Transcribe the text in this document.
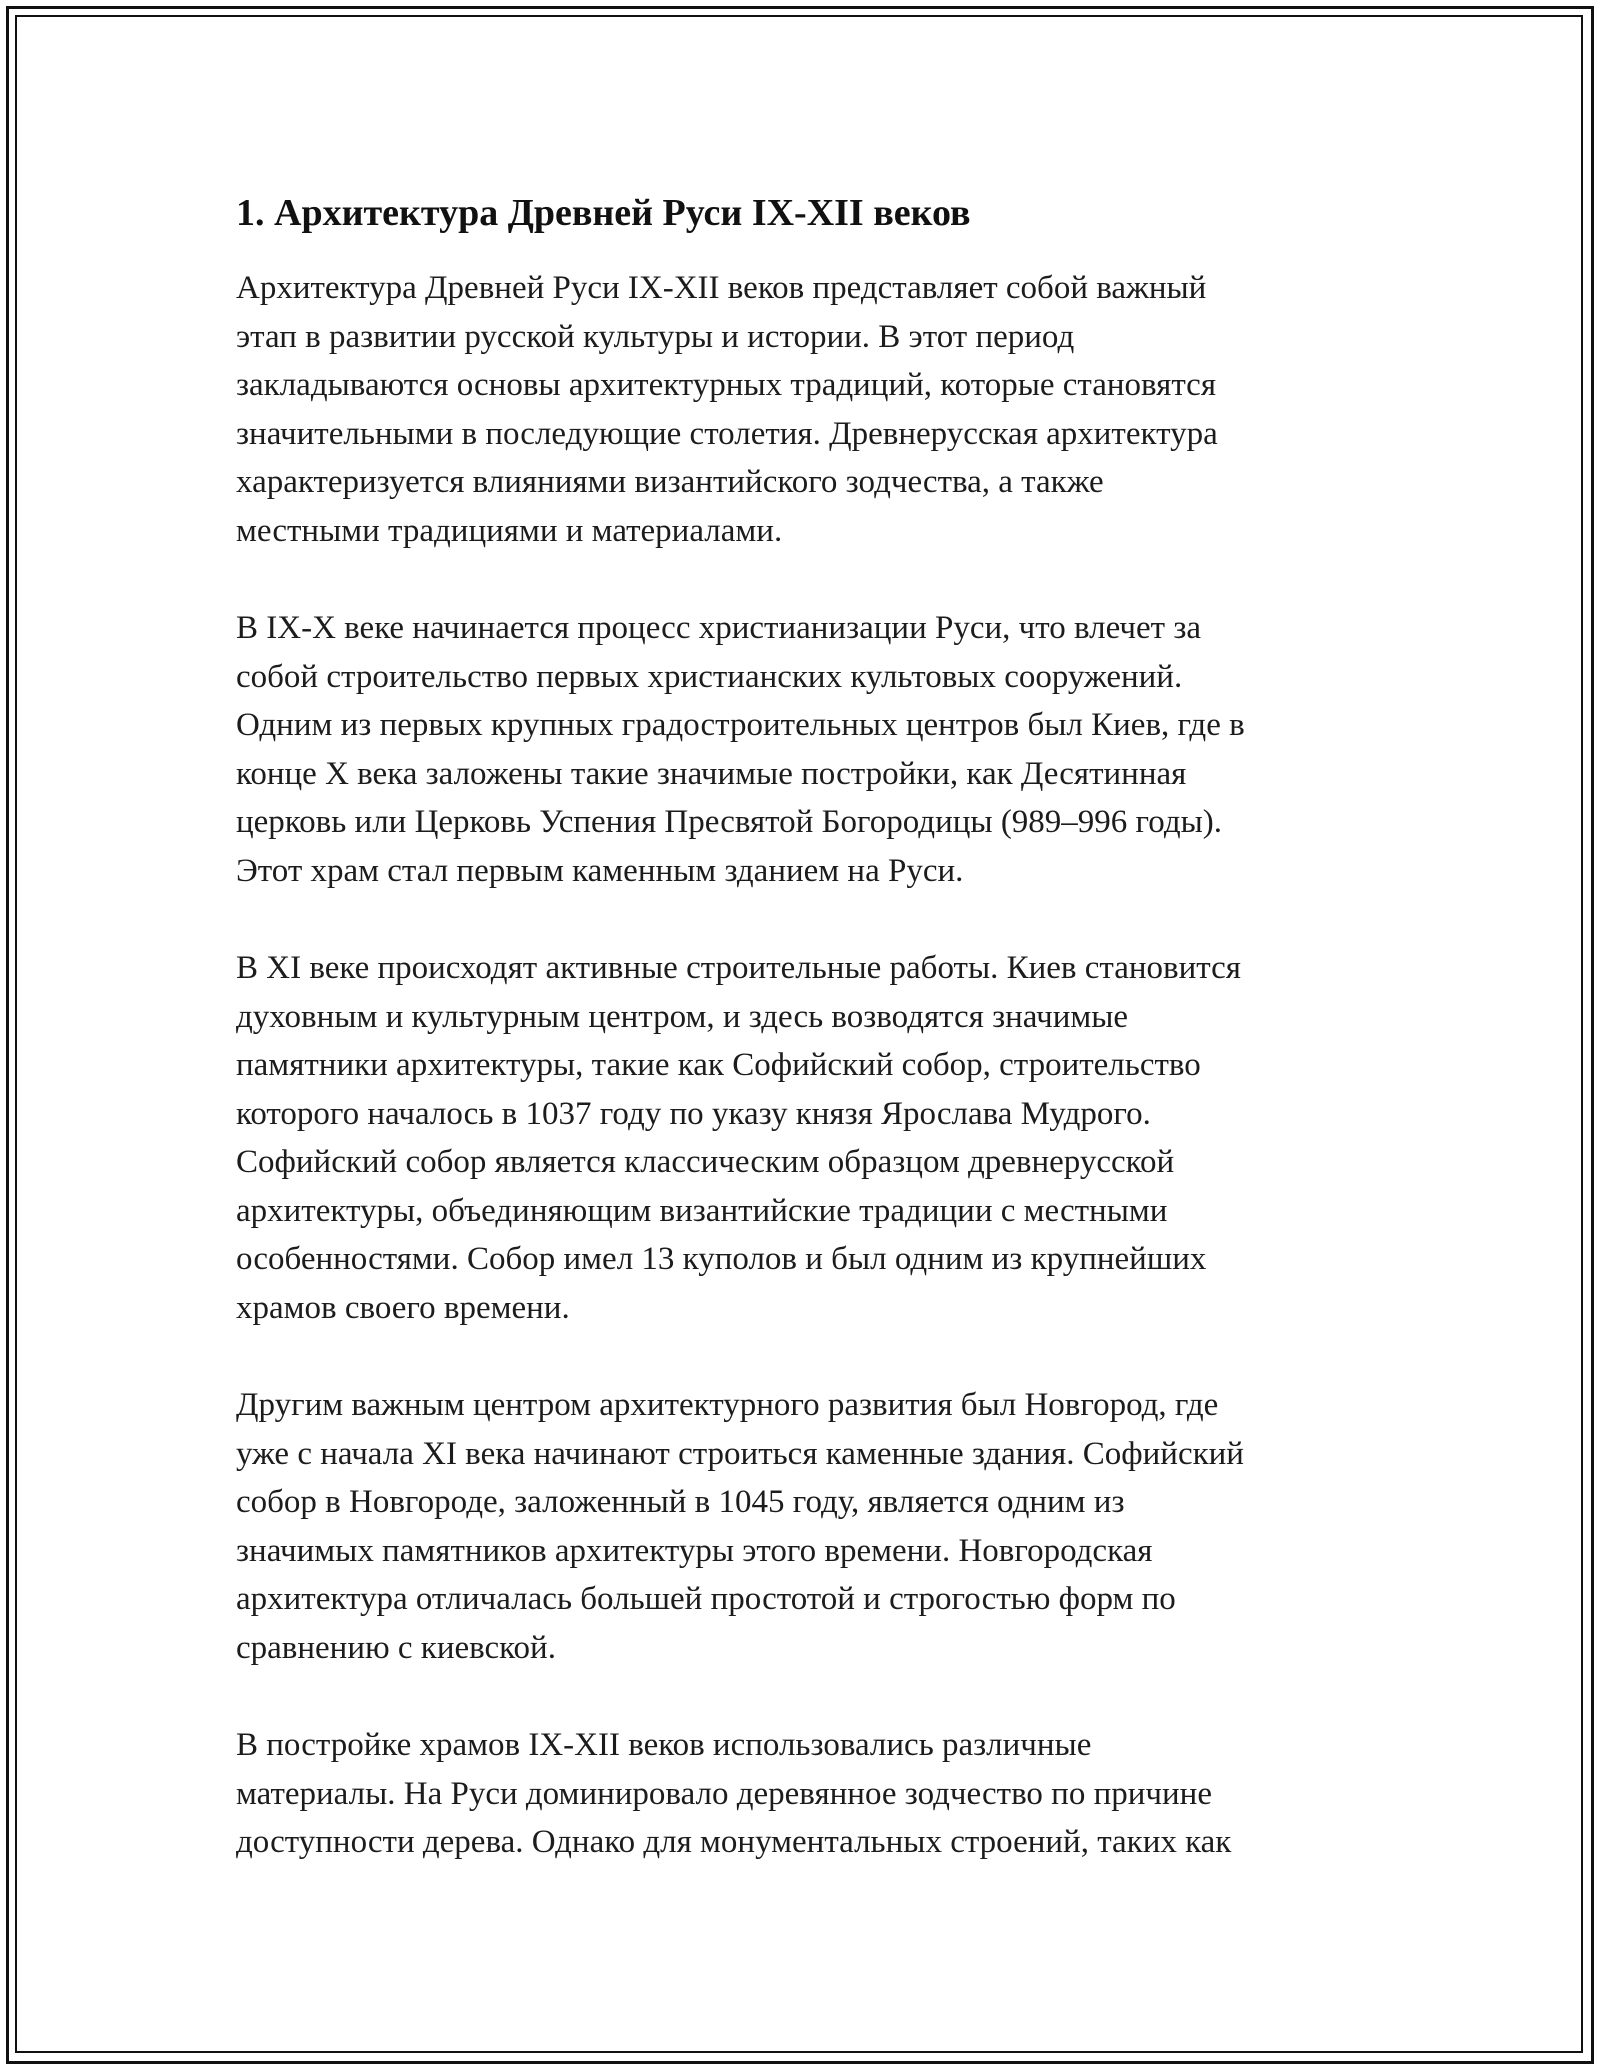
1. Архитектура Древней Руси IX-XII веков

Архитектура Древней Руси IX-XII веков представляет собой важный
этап в развитии русской культуры и истории. В этот период
закладываются основы архитектурных традиций, которые становятся
значительными в последующие столетия. Древнерусская архитектура
характеризуется влияниями византийского зодчества, а также
местными традициями и материалами.

В IX-X веке начинается процесс христианизации Руси, что влечет за
собой строительство первых христианских культовых сооружений.
Одним из первых крупных градостроительных центров был Киев, где в
конце X века заложены такие значимые постройки, как Десятинная
церковь или Церковь Успения Пресвятой Богородицы (989–996 годы).
Этот храм стал первым каменным зданием на Руси.

В XI веке происходят активные строительные работы. Киев становится
духовным и культурным центром, и здесь возводятся значимые
памятники архитектуры, такие как Софийский собор, строительство
которого началось в 1037 году по указу князя Ярослава Мудрого.
Софийский собор является классическим образцом древнерусской
архитектуры, объединяющим византийские традиции с местными
особенностями. Собор имел 13 куполов и был одним из крупнейших
храмов своего времени.

Другим важным центром архитектурного развития был Новгород, где
уже с начала XI века начинают строиться каменные здания. Софийский
собор в Новгороде, заложенный в 1045 году, является одним из
значимых памятников архитектуры этого времени. Новгородская
архитектура отличалась большей простотой и строгостью форм по
сравнению с киевской.

В постройке храмов IX-XII веков использовались различные
материалы. На Руси доминировало деревянное зодчество по причине
доступности дерева. Однако для монументальных строений, таких как
